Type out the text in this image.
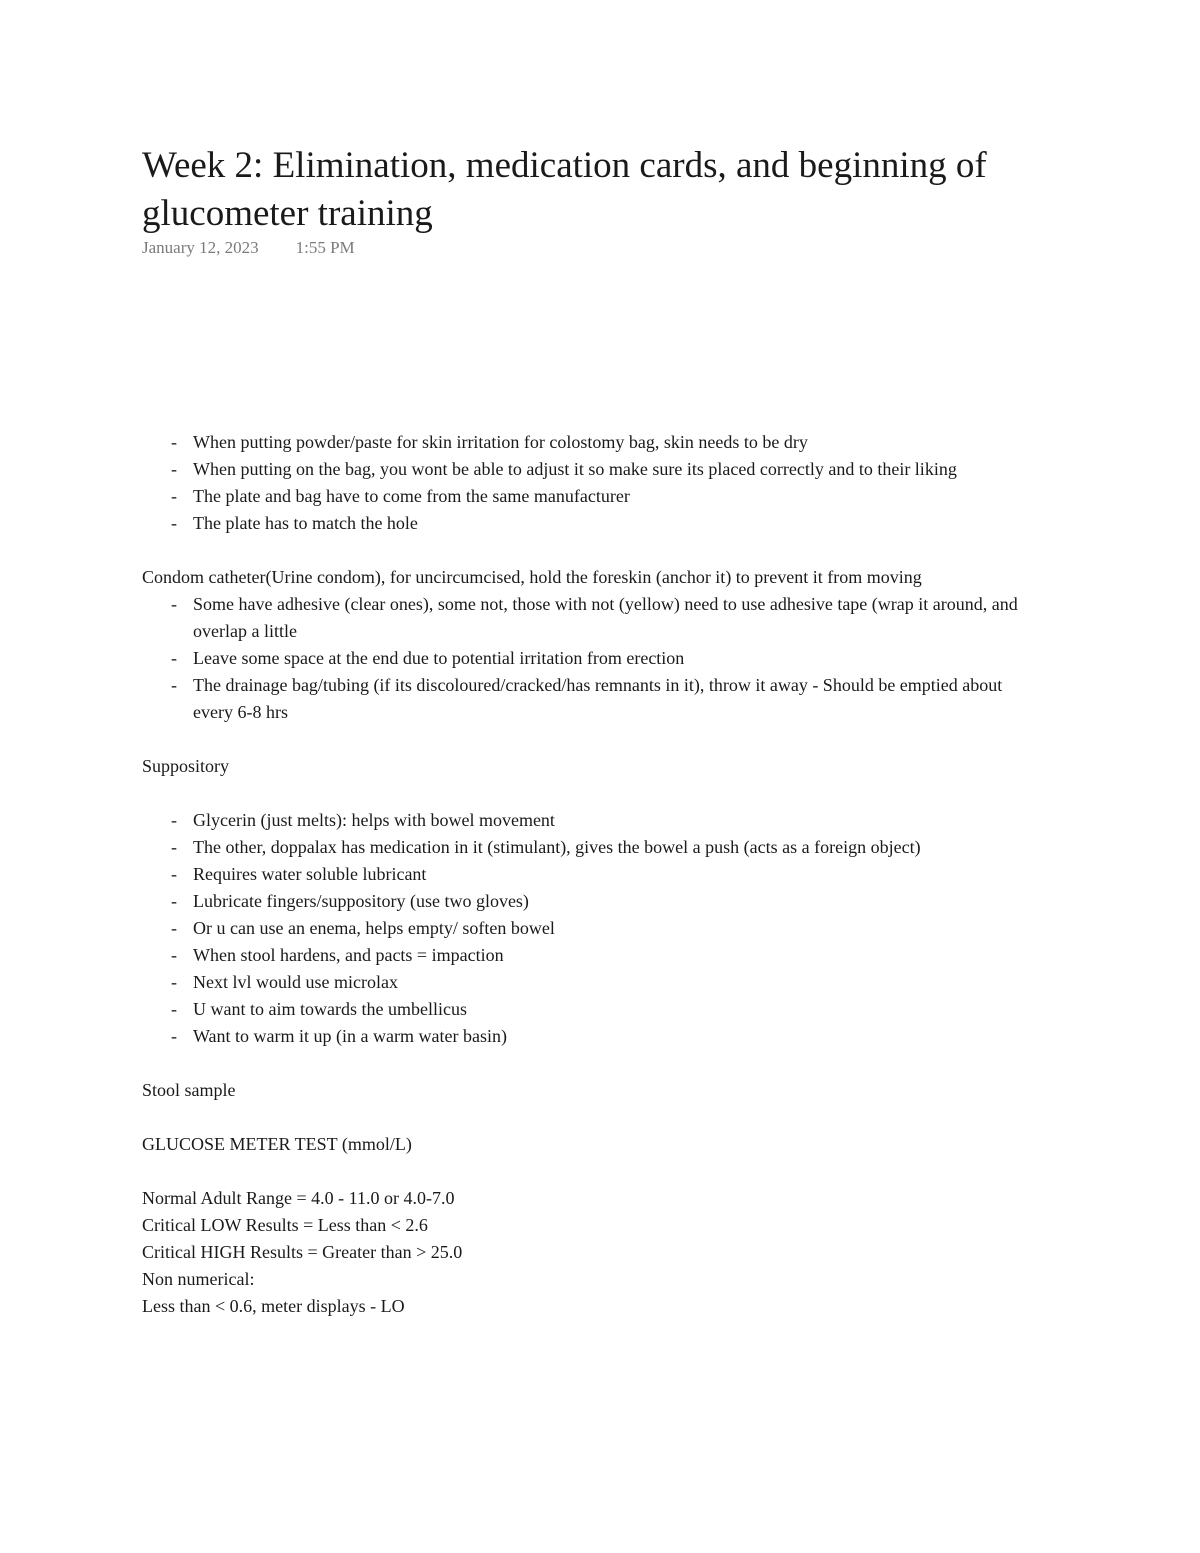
Week 2: Elimination, medication cards, and beginning of glucometer training
January 12, 2023 1:55 PM
- When putting powder/paste for skin irritation for colostomy bag, skin needs to be dry
- When putting on the bag, you wont be able to adjust it so make sure its placed correctly and to their liking
- The plate and bag have to come from the same manufacturer
- The plate has to match the hole

Condom catheter(Urine condom), for uncircumcised, hold the foreskin (anchor it) to prevent it from moving

- Some have adhesive (clear ones), some not, those with not (yellow) need to use adhesive tape (wrap it around, and overlap a little
- Leave some space at the end due to potential irritation from erection
- The drainage bag/tubing (if its discoloured/cracked/has remnants in it), throw it away - Should be emptied about every 6-8 hrs

Suppository

- Glycerin (just melts): helps with bowel movement
- The other, doppalax has medication in it (stimulant), gives the bowel a push (acts as a foreign object)
- Requires water soluble lubricant
- Lubricate fingers/suppository (use two gloves)
- Or u can use an enema, helps empty/ soften bowel
- When stool hardens, and pacts = impaction
- Next lvl would use microlax
- U want to aim towards the umbellicus
- Want to warm it up (in a warm water basin)

Stool sample

GLUCOSE METER TEST (mmol/L)

Normal Adult Range = 4.0 - 11.0 or 4.0-7.0

Critical LOW Results = Less than < 2.6

Critical HIGH Results = Greater than > 25.0

Non numerical:

Less than < 0.6, meter displays - LO
